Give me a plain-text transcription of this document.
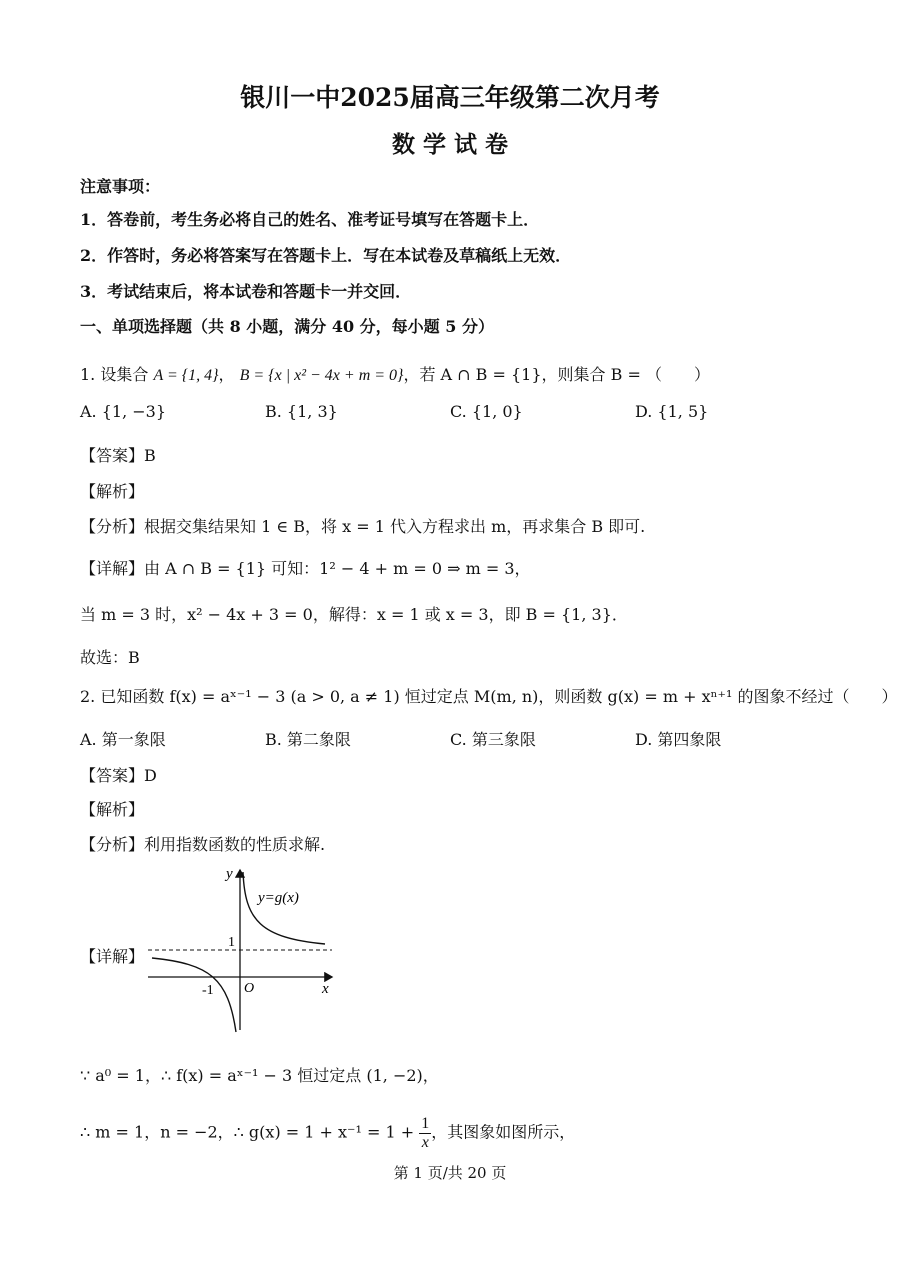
银川一中2025届高三年级第二次月考
数 学 试 卷
注意事项：
1．答卷前，考生务必将自己的姓名、准考证号填写在答题卡上．
2．作答时，务必将答案写在答题卡上．写在本试卷及草稿纸上无效．
3．考试结束后，将本试卷和答题卡一并交回．
一、单项选择题（共 8 小题，满分 40 分，每小题 5 分）
1. 设集合 A = {1, 4}， B = {x | x² − 4x + m = 0}，若 A ∩ B = {1}，则集合 B = （　　）
A. {1, −3}	B. {1, 3}	C. {1, 0}	D. {1, 5}
【答案】B
【解析】
【分析】根据交集结果知 1 ∈ B，将 x = 1 代入方程求出 m，再求集合 B 即可.
【详解】由 A ∩ B = {1} 可知：1² − 4 + m = 0 ⇒ m = 3，
当 m = 3 时，x² − 4x + 3 = 0，解得：x = 1 或 x = 3，即 B = {1, 3}．
故选：B
2. 已知函数 f(x) = aˣ⁻¹ − 3 (a > 0, a ≠ 1) 恒过定点 M(m, n)，则函数 g(x) = m + xⁿ⁺¹ 的图象不经过（　　）
A. 第一象限	B. 第二象限	C. 第三象限	D. 第四象限
【答案】D
【解析】
【分析】利用指数函数的性质求解.
【详解】
y
x
O
y=g(x)
1
-1
∵ a⁰ = 1，∴ f(x) = aˣ⁻¹ − 3 恒过定点 (1, −2)，
∴ m = 1，n = −2，∴ $g(x) = 1 + x^{-1} = 1 + \frac{1}{x}$ ，其图象如图所示，
第 1 页/共 20 页
